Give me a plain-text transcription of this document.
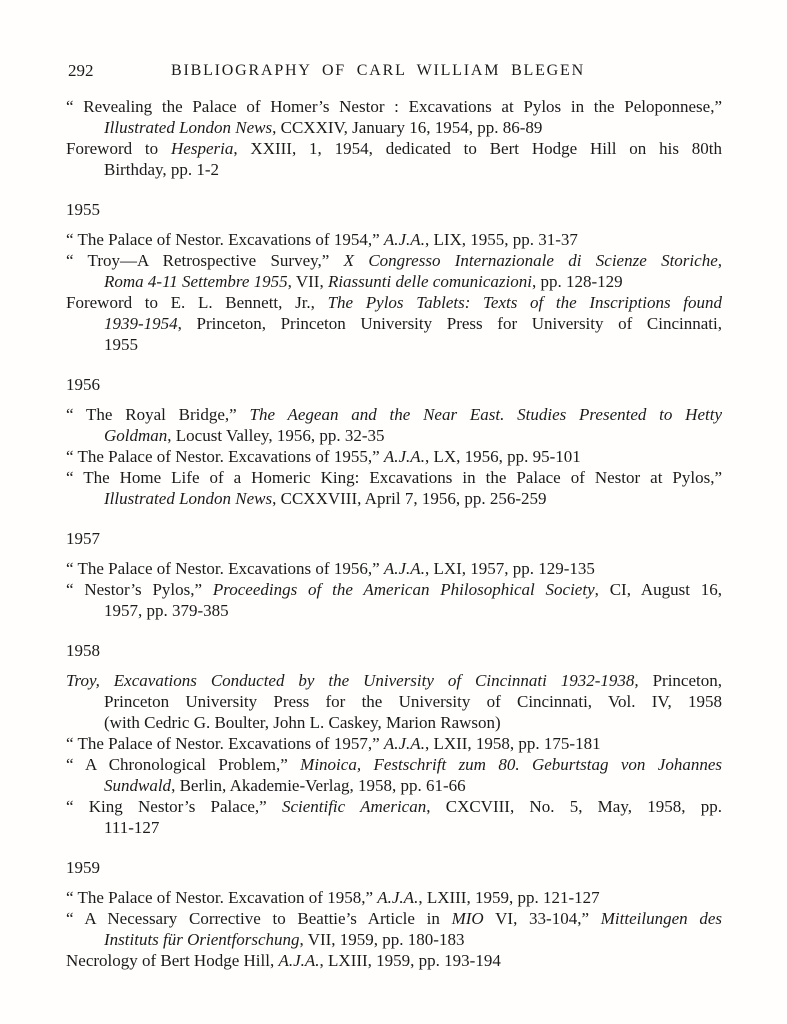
292	BIBLIOGRAPHY OF CARL WILLIAM BLEGEN
“ Revealing the Palace of Homer’s Nestor : Excavations at Pylos in the Peloponnese,”
Illustrated London News, CCXXIV, January 16, 1954, pp. 86-89
Foreword to Hesperia, XXIII, 1, 1954, dedicated to Bert Hodge Hill on his 80th
Birthday, pp. 1-2
1955
“ The Palace of Nestor. Excavations of 1954,” A.J.A., LIX, 1955, pp. 31-37
“ Troy—A Retrospective Survey,” X Congresso Internazionale di Scienze Storiche,
Roma 4-11 Settembre 1955, VII, Riassunti delle comunicazioni, pp. 128-129
Foreword to E. L. Bennett, Jr., The Pylos Tablets: Texts of the Inscriptions found
1939-1954, Princeton, Princeton University Press for University of Cincinnati,
1955
1956
“ The Royal Bridge,” The Aegean and the Near East. Studies Presented to Hetty
Goldman, Locust Valley, 1956, pp. 32-35
“ The Palace of Nestor. Excavations of 1955,” A.J.A., LX, 1956, pp. 95-101
“ The Home Life of a Homeric King: Excavations in the Palace of Nestor at Pylos,”
Illustrated London News, CCXXVIII, April 7, 1956, pp. 256-259
1957
“ The Palace of Nestor. Excavations of 1956,” A.J.A., LXI, 1957, pp. 129-135
“ Nestor’s Pylos,” Proceedings of the American Philosophical Society, CI, August 16,
1957, pp. 379-385
1958
Troy, Excavations Conducted by the University of Cincinnati 1932-1938, Princeton,
Princeton University Press for the University of Cincinnati, Vol. IV, 1958
(with Cedric G. Boulter, John L. Caskey, Marion Rawson)
“ The Palace of Nestor. Excavations of 1957,” A.J.A., LXII, 1958, pp. 175-181
“ A Chronological Problem,” Minoica, Festschrift zum 80. Geburtstag von Johannes
Sundwald, Berlin, Akademie-Verlag, 1958, pp. 61-66
“ King Nestor’s Palace,” Scientific American, CXCVIII, No. 5, May, 1958, pp.
111-127
1959
“ The Palace of Nestor. Excavation of 1958,” A.J.A., LXIII, 1959, pp. 121-127
“ A Necessary Corrective to Beattie’s Article in MIO VI, 33-104,” Mitteilungen des
Instituts für Orientforschung, VII, 1959, pp. 180-183
Necrology of Bert Hodge Hill, A.J.A., LXIII, 1959, pp. 193-194
